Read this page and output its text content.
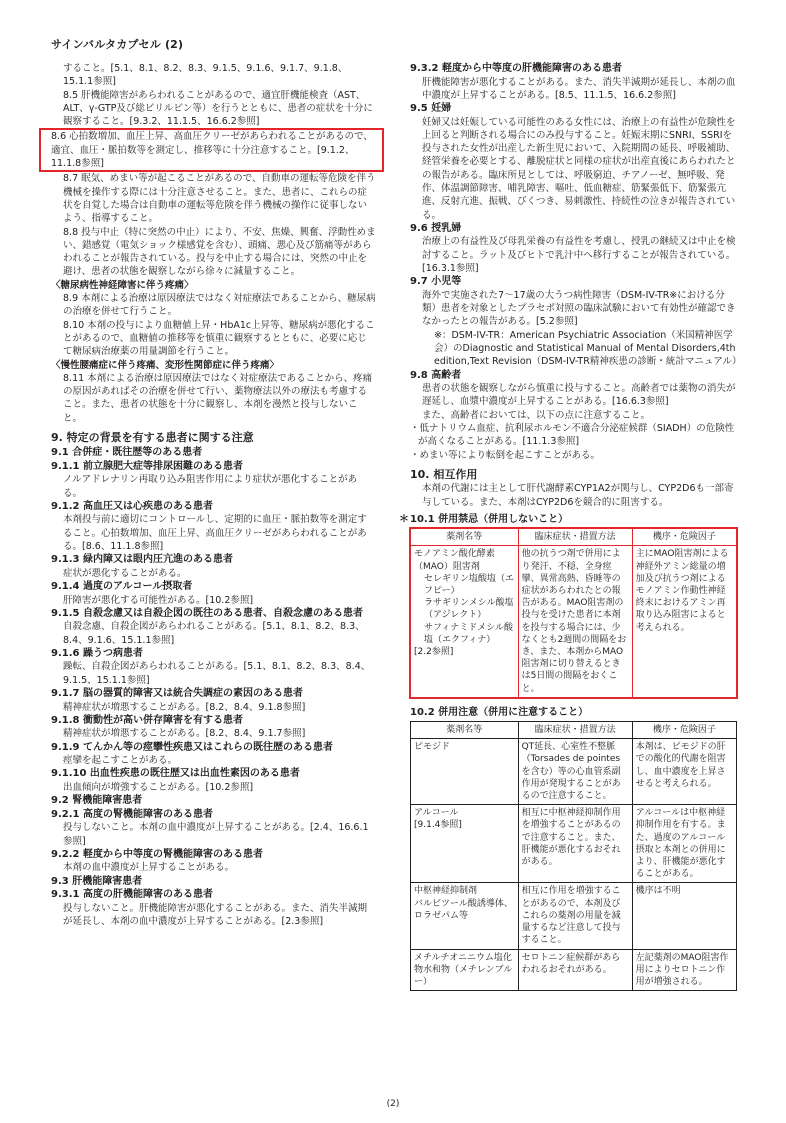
サインバルタカプセル (2)
すること。[5.1、8.1、8.2、8.3、9.1.5、9.1.6、9.1.7、9.1.8、15.1.1参照]
8.5 肝機能障害があらわれることがあるので、適宜肝機能検査（AST、ALT、γ-GTP及び総ビリルビン等）を行うとともに、患者の症状を十分に観察すること。[9.3.2、11.1.5、16.6.2参照]
8.6 心拍数増加、血圧上昇、高血圧クリーゼがあらわれることがあるので、適宜、血圧・脈拍数等を測定し、推移等に十分注意すること。[9.1.2、11.1.8参照]
8.7 眠気、めまい等が起こることがあるので、自動車の運転等危険を伴う機械を操作する際には十分注意させること。また、患者に、これらの症状を自覚した場合は自動車の運転等危険を伴う機械の操作に従事しないよう、指導すること。
8.8 投与中止（特に突然の中止）により、不安、焦燥、興奮、浮動性めまい、錯感覚（電気ショック様感覚を含む）、頭痛、悪心及び筋痛等があらわれることが報告されている。投与を中止する場合には、突然の中止を避け、患者の状態を観察しながら徐々に減量すること。
〈糖尿病性神経障害に伴う疼痛〉
8.9 本剤による治療は原因療法ではなく対症療法であることから、糖尿病の治療を併せて行うこと。
8.10 本剤の投与により血糖値上昇・HbA1c上昇等、糖尿病が悪化することがあるので、血糖値の推移等を慎重に観察するとともに、必要に応じて糖尿病治療薬の用量調節を行うこと。
〈慢性腰痛症に伴う疼痛、変形性関節症に伴う疼痛〉
8.11 本剤による治療は原因療法ではなく対症療法であることから、疼痛の原因があればその治療を併せて行い、薬物療法以外の療法も考慮すること。また、患者の状態を十分に観察し、本剤を漫然と投与しないこと。
9. 特定の背景を有する患者に関する注意
9.1 合併症・既往歴等のある患者
9.1.1 前立腺肥大症等排尿困難のある患者
ノルアドレナリン再取り込み阻害作用により症状が悪化することがある。
9.1.2 高血圧又は心疾患のある患者
本剤投与前に適切にコントロールし、定期的に血圧・脈拍数等を測定すること。心拍数増加、血圧上昇、高血圧クリーゼがあらわれることがある。[8.6、11.1.8参照]
9.1.3 緑内障又は眼内圧亢進のある患者
症状が悪化することがある。
9.1.4 過度のアルコール摂取者
肝障害が悪化する可能性がある。[10.2参照]
9.1.5 自殺念慮又は自殺企図の既往のある患者、自殺念慮のある患者
自殺念慮、自殺企図があらわれることがある。[5.1、8.1、8.2、8.3、8.4、9.1.6、15.1.1参照]
9.1.6 躁うつ病患者
躁転、自殺企図があらわれることがある。[5.1、8.1、8.2、8.3、8.4、9.1.5、15.1.1参照]
9.1.7 脳の器質的障害又は統合失調症の素因のある患者
精神症状が増悪することがある。[8.2、8.4、9.1.8参照]
9.1.8 衝動性が高い併存障害を有する患者
精神症状が増悪することがある。[8.2、8.4、9.1.7参照]
9.1.9 てんかん等の痙攣性疾患又はこれらの既往歴のある患者
痙攣を起こすことがある。
9.1.10 出血性疾患の既往歴又は出血性素因のある患者
出血傾向が増強することがある。[10.2参照]
9.2 腎機能障害患者
9.2.1 高度の腎機能障害のある患者
投与しないこと。本剤の血中濃度が上昇することがある。[2.4、16.6.1参照]
9.2.2 軽度から中等度の腎機能障害のある患者
本剤の血中濃度が上昇することがある。
9.3 肝機能障害患者
9.3.1 高度の肝機能障害のある患者
投与しないこと。肝機能障害が悪化することがある。また、消失半減期が延長し、本剤の血中濃度が上昇することがある。[2.3参照]
9.3.2 軽度から中等度の肝機能障害のある患者
肝機能障害が悪化することがある。また、消失半減期が延長し、本剤の血中濃度が上昇することがある。[8.5、11.1.5、16.6.2参照]
9.5 妊婦
妊婦又は妊娠している可能性のある女性には、治療上の有益性が危険性を上回ると判断される場合にのみ投与すること。妊娠末期にSNRI、SSRIを投与された女性が出産した新生児において、入院期間の延長、呼吸補助、経管栄養を必要とする、離脱症状と同様の症状が出産直後にあらわれたとの報告がある。臨床所見としては、呼吸窮迫、チアノーゼ、無呼吸、発作、体温調節障害、哺乳障害、嘔吐、低血糖症、筋緊張低下、筋緊張亢進、反射亢進、振戦、びくつき、易刺激性、持続性の泣きが報告されている。
9.6 授乳婦
治療上の有益性及び母乳栄養の有益性を考慮し、授乳の継続又は中止を検討すること。ラット及びヒトで乳汁中へ移行することが報告されている。[16.3.1参照]
9.7 小児等
海外で実施された7～17歳の大うつ病性障害（DSM-IV-TR※における分類）患者を対象としたプラセボ対照の臨床試験において有効性が確認できなかったとの報告がある。[5.2参照]
※：DSM-IV-TR：American Psychiatric Association（米国精神医学会）のDiagnostic and Statistical Manual of Mental Disorders,4th edition,Text Revision（DSM-IV-TR精神疾患の診断・統計マニュアル）
9.8 高齢者
患者の状態を観察しながら慎重に投与すること。高齢者では薬物の消失が遅延し、血漿中濃度が上昇することがある。[16.6.3参照]
また、高齢者においては、以下の点に注意すること。
・低ナトリウム血症、抗利尿ホルモン不適合分泌症候群（SIADH）の危険性が高くなることがある。[11.1.3参照]
・めまい等により転倒を起こすことがある。
10. 相互作用
本剤の代謝には主として肝代謝酵素CYP1A2が関与し、CYP2D6も一部寄与している。また、本剤はCYP2D6を競合的に阻害する。
＊ 10.1 併用禁忌（併用しないこと）
薬剤名等	臨床症状・措置方法	機序・危険因子

モノアミン酸化酵素（MAO）阻害剤
セレギリン塩酸塩（エフピー）
ラサギリンメシル酸塩（アジレクト）
サフィナミドメシル酸塩（エクフィナ）
[2.2参照]	他の抗うつ剤で併用により発汗、不穏、全身痙攣、異常高熱、昏睡等の症状があらわれたとの報告がある。MAO阻害剤の投与を受けた患者に本剤を投与する場合には、少なくとも2週間の間隔をおき、また、本剤からMAO阻害剤に切り替えるときは5日間の間隔をおくこと。	主にMAO阻害剤による神経外アミン総量の増加及び抗うつ剤によるモノアミン作動性神経終末におけるアミン再取り込み阻害によると考えられる。
10.2 併用注意（併用に注意すること）
薬剤名等	臨床症状・措置方法	機序・危険因子
ピモジド	QT延長、心室性不整脈（Torsades de pointesを含む）等の心血管系副作用が発現することがあるので注意すること。	本剤は、ピモジドの肝での酸化的代謝を阻害し、血中濃度を上昇させると考えられる。
アルコール
[9.1.4参照]	相互に中枢神経抑制作用を増強することがあるので注意すること。また、肝機能が悪化するおそれがある。	アルコールは中枢神経抑制作用を有する。また、過度のアルコール摂取と本剤との併用により、肝機能が悪化することがある。
中枢神経抑制剤
バルビツール酸誘導体、ロラゼパム等	相互に作用を増強することがあるので、本剤及びこれらの薬剤の用量を減量するなど注意して投与すること。	機序は不明
メチルチオニニウム塩化物水和物（メチレンブルー）	セロトニン症候群があらわれるおそれがある。	左記薬剤のMAO阻害作用によりセロトニン作用が増強される。
(2)
